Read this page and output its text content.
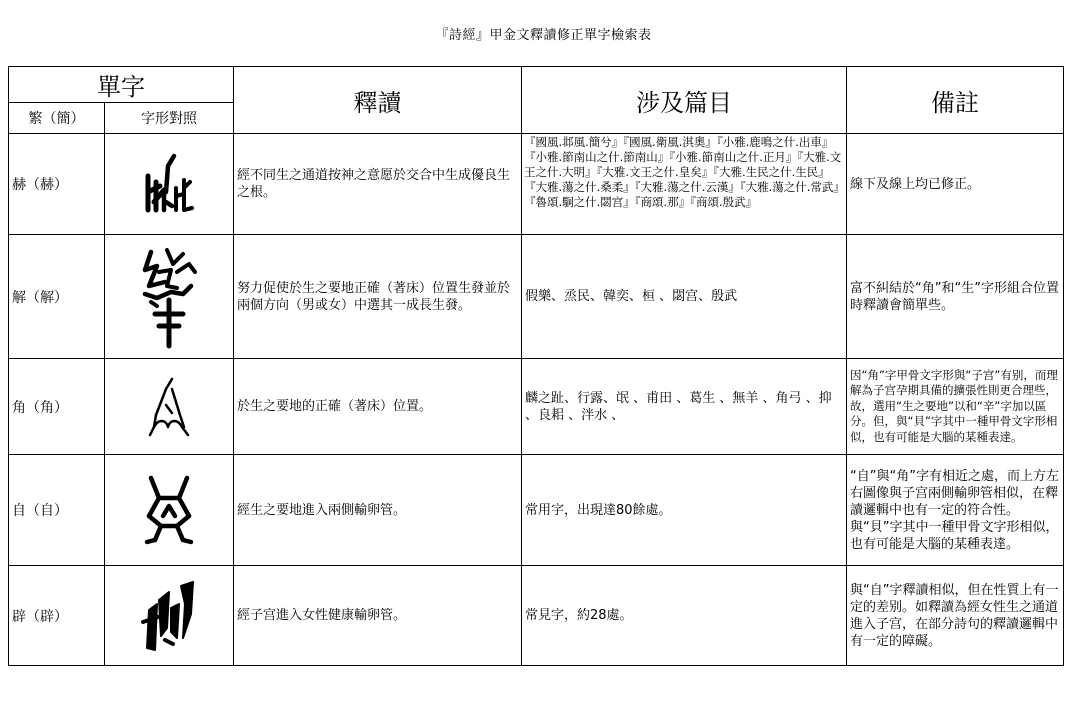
『詩經』甲金文釋讀修正單字檢索表
單字		釋讀	涉及篇目	備註
繁（簡）	字形對照			
赫（赫）		經不同生之通道按神之意愿於交合中生成優良生之根。	『國風.邶風.簡兮』『國風.衛風.淇奧』『小雅.鹿鳴之什.出車』『小雅.節南山之什.節南山』『小雅.節南山之什.正月』『大雅.文王之什.大明』『大雅.文王之什.皇矣』『大雅.生民之什.生民』『大雅.蕩之什.桑柔』『大雅.蕩之什.云漢』『大雅.蕩之什.常武』『魯頌.駉之什.閟宫』『商頌.那』『商頌.殷武』	線下及線上均已修正。
解（解）		努力促使於生之要地正確（著床）位置生發並於兩個方向（男或女）中選其一成長生發。	假樂、烝民、韓奕、桓 、閟宫、殷武	富不糾結於“角”和“生”字形組合位置時釋讀會簡單些。
角（角）		於生之要地的正確（著床）位置。	麟之趾、行露、氓 、甫田 、葛生 、無羊 、角弓 、抑 、良耜 、泮水 、	因“角”字甲骨文字形與“子宫”有别，而理解為子宫孕期具備的擴張性則更合理些，故，選用“生之要地”以和“辛”字加以區分。但，與“貝”字其中一種甲骨文字形相似，也有可能是大腦的某種表達。
自（自）		經生之要地進入兩側輸卵管。	常用字，出現達80餘處。	“自”與“角”字有相近之處，而上方左右圖像與子宫兩側輸卵管相似，在釋讀邏輯中也有一定的符合性。與“貝”字其中一種甲骨文字形相似，也有可能是大腦的某種表達。
辟（辟）		經子宫進入女性健康輸卵管。	常見字，約28處。	與“自”字釋讀相似，但在性質上有一定的差别。如釋讀為經女性生之通道進入子宫，在部分詩句的釋讀邏輯中有一定的障礙。
